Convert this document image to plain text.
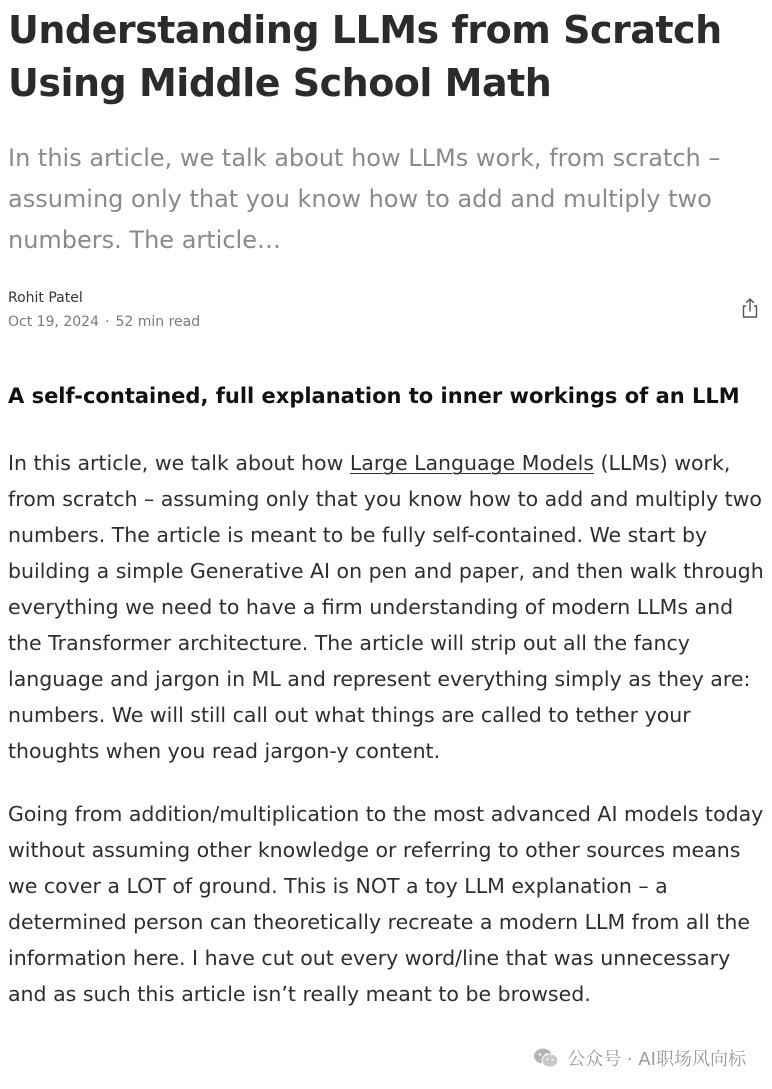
Understanding LLMs from Scratch
Using Middle School Math

In this article, we talk about how LLMs work, from scratch – assuming only that you know how to add and multiply two numbers. The article…

Rohit Patel
Oct 19, 2024 · 52 min read
A self-contained, full explanation to inner workings of an LLM

In this article, we talk about how Large Language Models (LLMs) work, from scratch – assuming only that you know how to add and multiply two numbers. The article is meant to be fully self-contained. We start by building a simple Generative AI on pen and paper, and then walk through everything we need to have a firm understanding of modern LLMs and the Transformer architecture. The article will strip out all the fancy language and jargon in ML and represent everything simply as they are: numbers. We will still call out what things are called to tether your thoughts when you read jargon-y content.

Going from addition/multiplication to the most advanced AI models today without assuming other knowledge or referring to other sources means we cover a LOT of ground. This is NOT a toy LLM explanation – a determined person can theoretically recreate a modern LLM from all the information here. I have cut out every word/line that was unnecessary and as such this article isn’t really meant to be browsed.

公众号 · AI职场风向标
